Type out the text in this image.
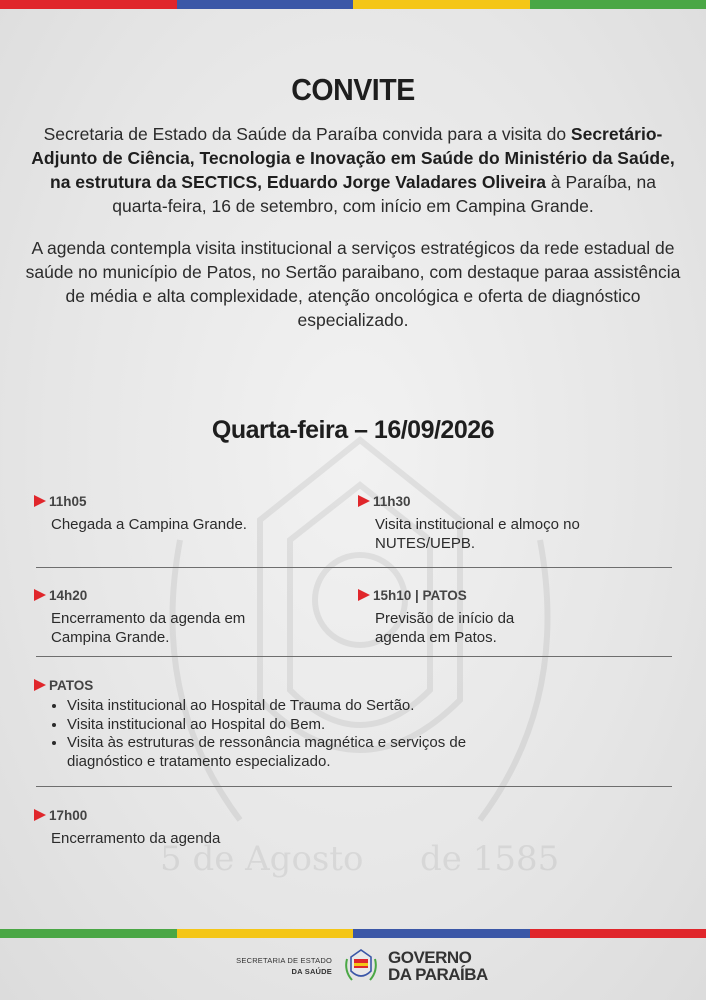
5 de Agosto de 1585
CONVITE

Secretaria de Estado da Saúde da Paraíba convida para a visita do Secretário-Adjunto de Ciência, Tecnologia e Inovação em Saúde do Ministério da Saúde, na estrutura da SECTICS, Eduardo Jorge Valadares Oliveira à Paraíba, na quarta-feira, 16 de setembro, com início em Campina Grande.

A agenda contempla visita institucional a serviços estratégicos da rede estadual de saúde no município de Patos, no Sertão paraibano, com destaque paraa assistência de média e alta complexidade, atenção oncológica e oferta de diagnóstico especializado.

Quarta-feira – 16/09/2026
11h05
Chegada a Campina Grande.
11h30
Visita institucional e almoço no NUTES/UEPB.
14h20
Encerramento da agenda em Campina Grande.
15h10 | PATOS
Previsão de início da agenda em Patos.
PATOS
• Visita institucional ao Hospital de Trauma do Sertão.
• Visita institucional ao Hospital do Bem.
• Visita às estruturas de ressonância magnética e serviços de diagnóstico e tratamento especializado.
17h00
Encerramento da agenda
SECRETARIA DE ESTADO
DA SAÚDE
GOVERNO
DA PARAÍBA
